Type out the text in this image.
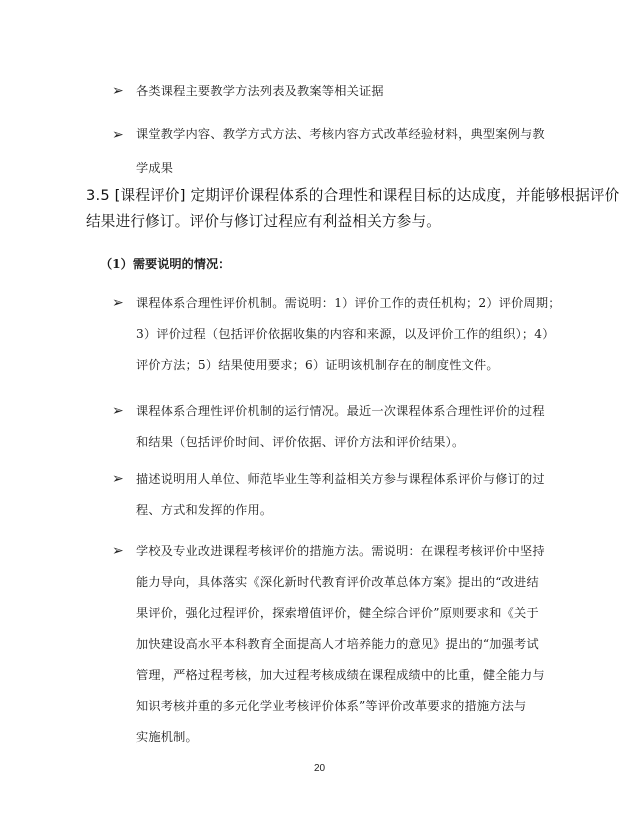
➢	各类课程主要教学方法列表及教案等相关证据
➢	课堂教学内容、教学方式方法、考核内容方式改革经验材料，典型案例与教
学成果
3.5 [课程评价] 定期评价课程体系的合理性和课程目标的达成度，并能够根据评价
结果进行修订。评价与修订过程应有利益相关方参与。
（1）需要说明的情况：
➢	课程体系合理性评价机制。需说明：1）评价工作的责任机构；2）评价周期；
3）评价过程（包括评价依据收集的内容和来源，以及评价工作的组织）；4）
评价方法；5）结果使用要求；6）证明该机制存在的制度性文件。
➢	课程体系合理性评价机制的运行情况。最近一次课程体系合理性评价的过程
和结果（包括评价时间、评价依据、评价方法和评价结果）。
➢	描述说明用人单位、师范毕业生等利益相关方参与课程体系评价与修订的过
程、方式和发挥的作用。
➢	学校及专业改进课程考核评价的措施方法。需说明：在课程考核评价中坚持
能力导向，具体落实《深化新时代教育评价改革总体方案》提出的“改进结
果评价，强化过程评价，探索增值评价，健全综合评价”原则要求和《关于
加快建设高水平本科教育全面提高人才培养能力的意见》提出的“加强考试
管理，严格过程考核，加大过程考核成绩在课程成绩中的比重，健全能力与
知识考核并重的多元化学业考核评价体系”等评价改革要求的措施方法与
实施机制。
20
